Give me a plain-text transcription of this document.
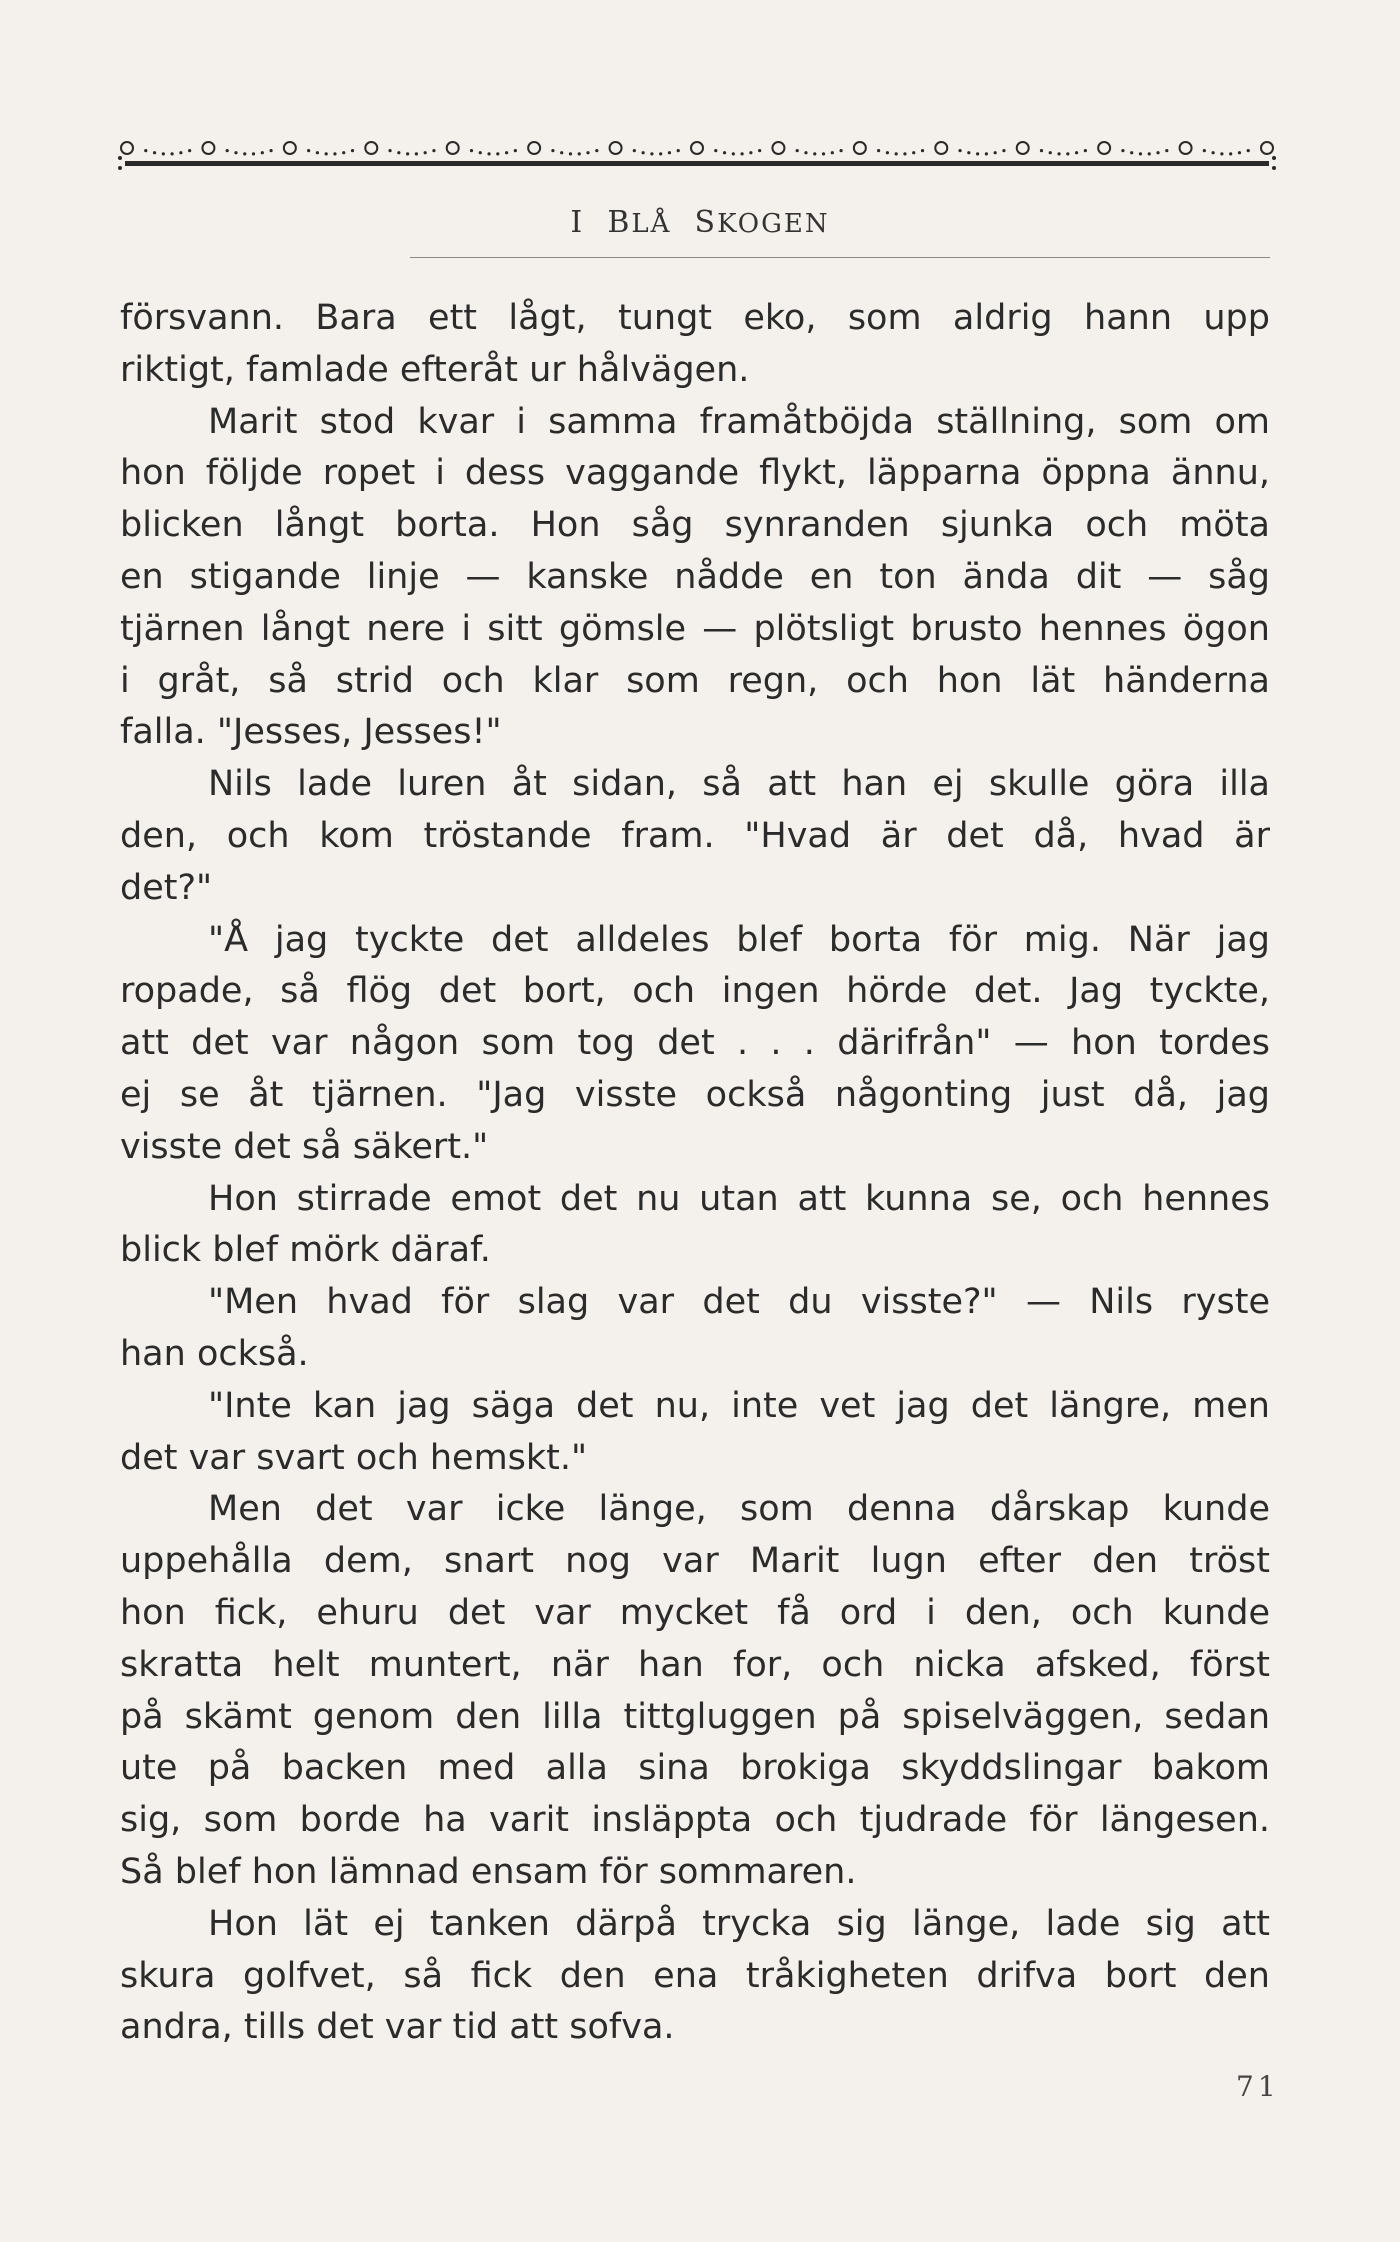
I BLÅ SKOGEN
försvann. Bara ett lågt, tungt eko, som aldrig hann upp
riktigt, famlade efteråt ur hålvägen.
Marit stod kvar i samma framåtböjda ställning, som om
hon följde ropet i dess vaggande flykt, läpparna öppna ännu,
blicken långt borta. Hon såg synranden sjunka och möta
en stigande linje — kanske nådde en ton ända dit — såg
tjärnen långt nere i sitt gömsle — plötsligt brusto hennes ögon
i gråt, så strid och klar som regn, och hon lät händerna
falla. "Jesses, Jesses!"
Nils lade luren åt sidan, så att han ej skulle göra illa
den, och kom tröstande fram. "Hvad är det då, hvad är
det?"
"Å jag tyckte det alldeles blef borta för mig. När jag
ropade, så flög det bort, och ingen hörde det. Jag tyckte,
att det var någon som tog det . . . därifrån" — hon tordes
ej se åt tjärnen. "Jag visste också någonting just då, jag
visste det så säkert."
Hon stirrade emot det nu utan att kunna se, och hennes
blick blef mörk däraf.
"Men hvad för slag var det du visste?" — Nils ryste
han också.
"Inte kan jag säga det nu, inte vet jag det längre, men
det var svart och hemskt."
Men det var icke länge, som denna dårskap kunde
uppehålla dem, snart nog var Marit lugn efter den tröst
hon fick, ehuru det var mycket få ord i den, och kunde
skratta helt muntert, när han for, och nicka afsked, först
på skämt genom den lilla tittgluggen på spiselväggen, sedan
ute på backen med alla sina brokiga skyddslingar bakom
sig, som borde ha varit insläppta och tjudrade för längesen.
Så blef hon lämnad ensam för sommaren.
Hon lät ej tanken därpå trycka sig länge, lade sig att
skura golfvet, så fick den ena tråkigheten drifva bort den
andra, tills det var tid att sofva.
71
